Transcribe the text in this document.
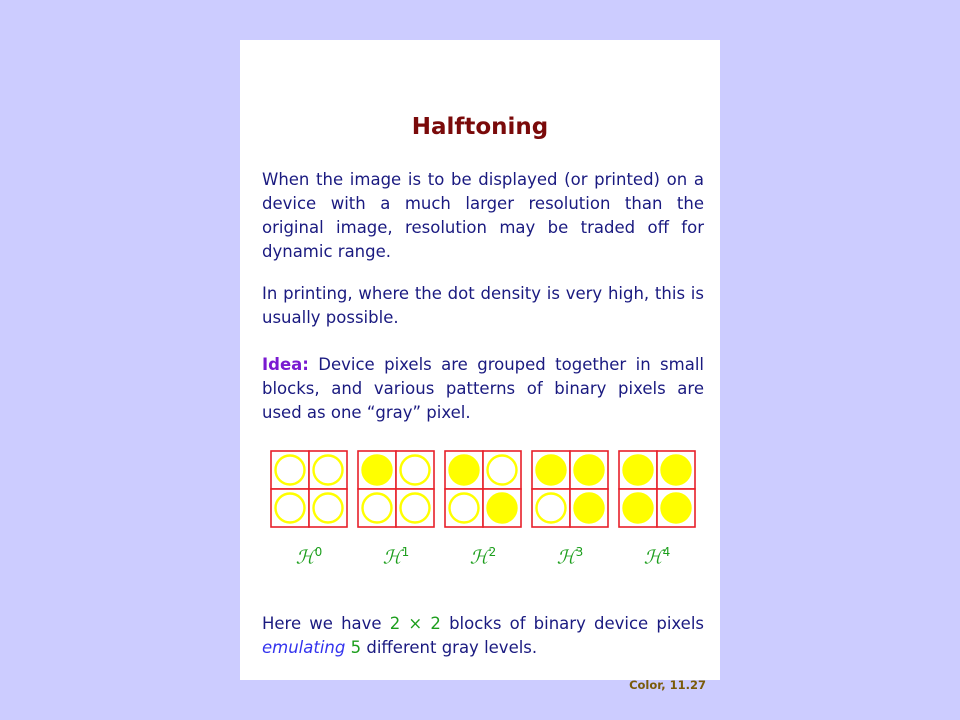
Halftoning

When the image is to be displayed (or printed) on a device with a much larger resolution than the original image, resolution may be traded off for dynamic range.

In printing, where the dot density is very high, this is usually possible.

Idea: Device pixels are grouped together in small blocks, and various patterns of binary pixels are used as one “gray” pixel.

ℋ$^0$	ℋ$^1$	ℋ$^2$	ℋ$^3$	ℋ$^4$

Here we have 2 × 2 blocks of binary device pixels emulating 5 different gray levels.

Color, 11.27
